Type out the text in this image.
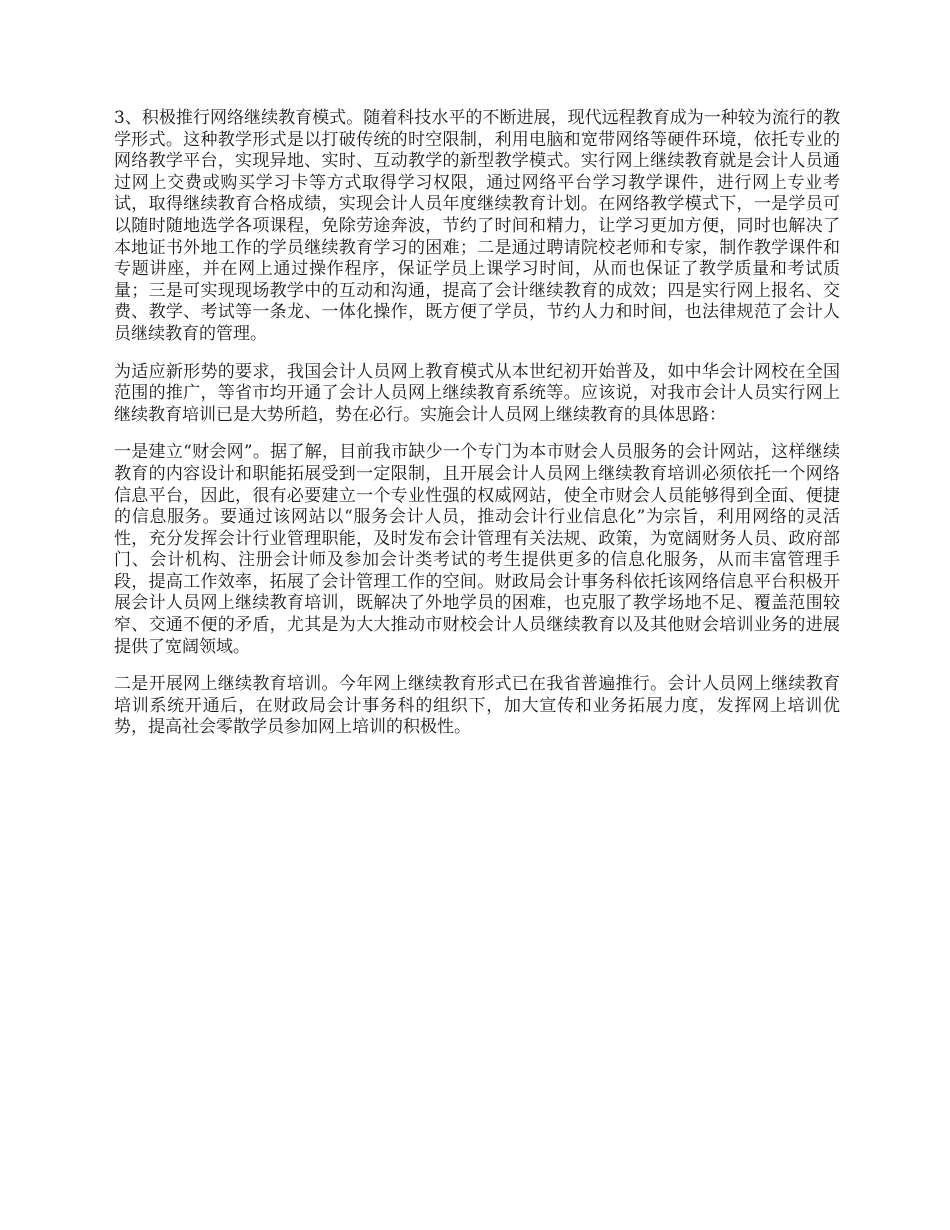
3、积极推行网络继续教育模式。随着科技水平的不断进展，现代远程教育成为一种较为流行的教学形式。这种教学形式是以打破传统的时空限制，利用电脑和宽带网络等硬件环境，依托专业的网络教学平台，实现异地、实时、互动教学的新型教学模式。实行网上继续教育就是会计人员通过网上交费或购买学习卡等方式取得学习权限，通过网络平台学习教学课件，进行网上专业考试，取得继续教育合格成绩，实现会计人员年度继续教育计划。在网络教学模式下，一是学员可以随时随地选学各项课程，免除劳途奔波，节约了时间和精力，让学习更加方便，同时也解决了本地证书外地工作的学员继续教育学习的困难；二是通过聘请院校老师和专家，制作教学课件和专题讲座，并在网上通过操作程序，保证学员上课学习时间，从而也保证了教学质量和考试质量；三是可实现现场教学中的互动和沟通，提高了会计继续教育的成效；四是实行网上报名、交费、教学、考试等一条龙、一体化操作，既方便了学员，节约人力和时间，也法律规范了会计人员继续教育的管理。

为适应新形势的要求，我国会计人员网上教育模式从本世纪初开始普及，如中华会计网校在全国范围的推广，等省市均开通了会计人员网上继续教育系统等。应该说，对我市会计人员实行网上继续教育培训已是大势所趋，势在必行。实施会计人员网上继续教育的具体思路：

一是建立“财会网”。据了解，目前我市缺少一个专门为本市财会人员服务的会计网站，这样继续教育的内容设计和职能拓展受到一定限制，且开展会计人员网上继续教育培训必须依托一个网络信息平台，因此，很有必要建立一个专业性强的权威网站，使全市财会人员能够得到全面、便捷的信息服务。要通过该网站以“服务会计人员，推动会计行业信息化”为宗旨，利用网络的灵活性，充分发挥会计行业管理职能，及时发布会计管理有关法规、政策，为宽阔财务人员、政府部门、会计机构、注册会计师及参加会计类考试的考生提供更多的信息化服务，从而丰富管理手段，提高工作效率，拓展了会计管理工作的空间。财政局会计事务科依托该网络信息平台积极开展会计人员网上继续教育培训，既解决了外地学员的困难，也克服了教学场地不足、覆盖范围较窄、交通不便的矛盾，尤其是为大大推动市财校会计人员继续教育以及其他财会培训业务的进展提供了宽阔领域。

二是开展网上继续教育培训。今年网上继续教育形式已在我省普遍推行。会计人员网上继续教育培训系统开通后，在财政局会计事务科的组织下，加大宣传和业务拓展力度，发挥网上培训优势，提高社会零散学员参加网上培训的积极性。
